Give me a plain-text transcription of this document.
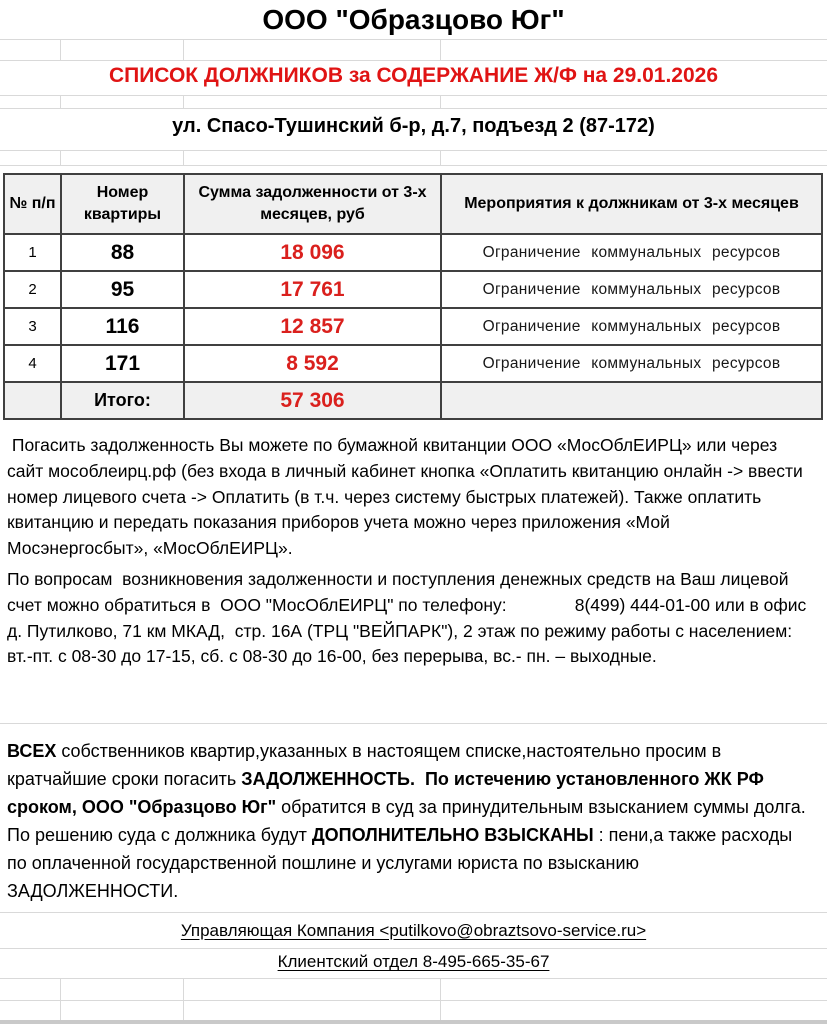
ООО "Образцово Юг"
СПИСОК ДОЛЖНИКОВ за СОДЕРЖАНИЕ Ж/Ф на 29.01.2026
ул. Спасо-Тушинский б-р, д.7, подъезд 2 (87-172)
№ п/п	Номер квартиры	Сумма задолженности от 3-х месяцев, руб	Мероприятия к должникам от 3-х месяцев
1	88	18 096	Ограничение коммунальных ресурсов
2	95	17 761	Ограничение коммунальных ресурсов
3	116	12 857	Ограничение коммунальных ресурсов
4	171	8 592	Ограничение коммунальных ресурсов
	Итого:	57 306	
Погасить задолженность Вы можете по бумажной квитанции ООО «МосОблЕИРЦ» или через сайт мособлеирц.рф (без входа в личный кабинет кнопка «Оплатить квитанцию онлайн -> ввести номер лицевого счета -> Оплатить (в т.ч. через систему быстрых платежей). Также оплатить квитанцию и передать показания приборов учета можно через приложения «Мой Мосэнергосбыт», «МосОблЕИРЦ».
По вопросам  возникновения задолженности и поступления денежных средств на Ваш лицевой счет можно обратиться в  ООО "МосОблЕИРЦ" по телефону:              8(499) 444-01-00 или в офис д. Путилково, 71 км МКАД,  стр. 16А (ТРЦ "ВЕЙПАРК"), 2 этаж по режиму работы с населением: вт.-пт. с 08-30 до 17-15, сб. с 08-30 до 16-00, без перерыва, вс.- пн. – выходные.
ВСЕХ собственников квартир,указанных в настоящем списке,настоятельно просим в кратчайшие сроки погасить ЗАДОЛЖЕННОСТЬ.  По истечению установленного ЖК РФ сроком, ООО "Образцово Юг" обратится в суд за принудительным взысканием суммы долга. По решению суда с должника будут ДОПОЛНИТЕЛЬНО ВЗЫСКАНЫ : пени,а также расходы по оплаченной государственной пошлине и услугами юриста по взысканию ЗАДОЛЖЕННОСТИ.
Управляющая Компания <putilkovo@obraztsovo-service.ru>
Клиентский отдел 8-495-665-35-67
